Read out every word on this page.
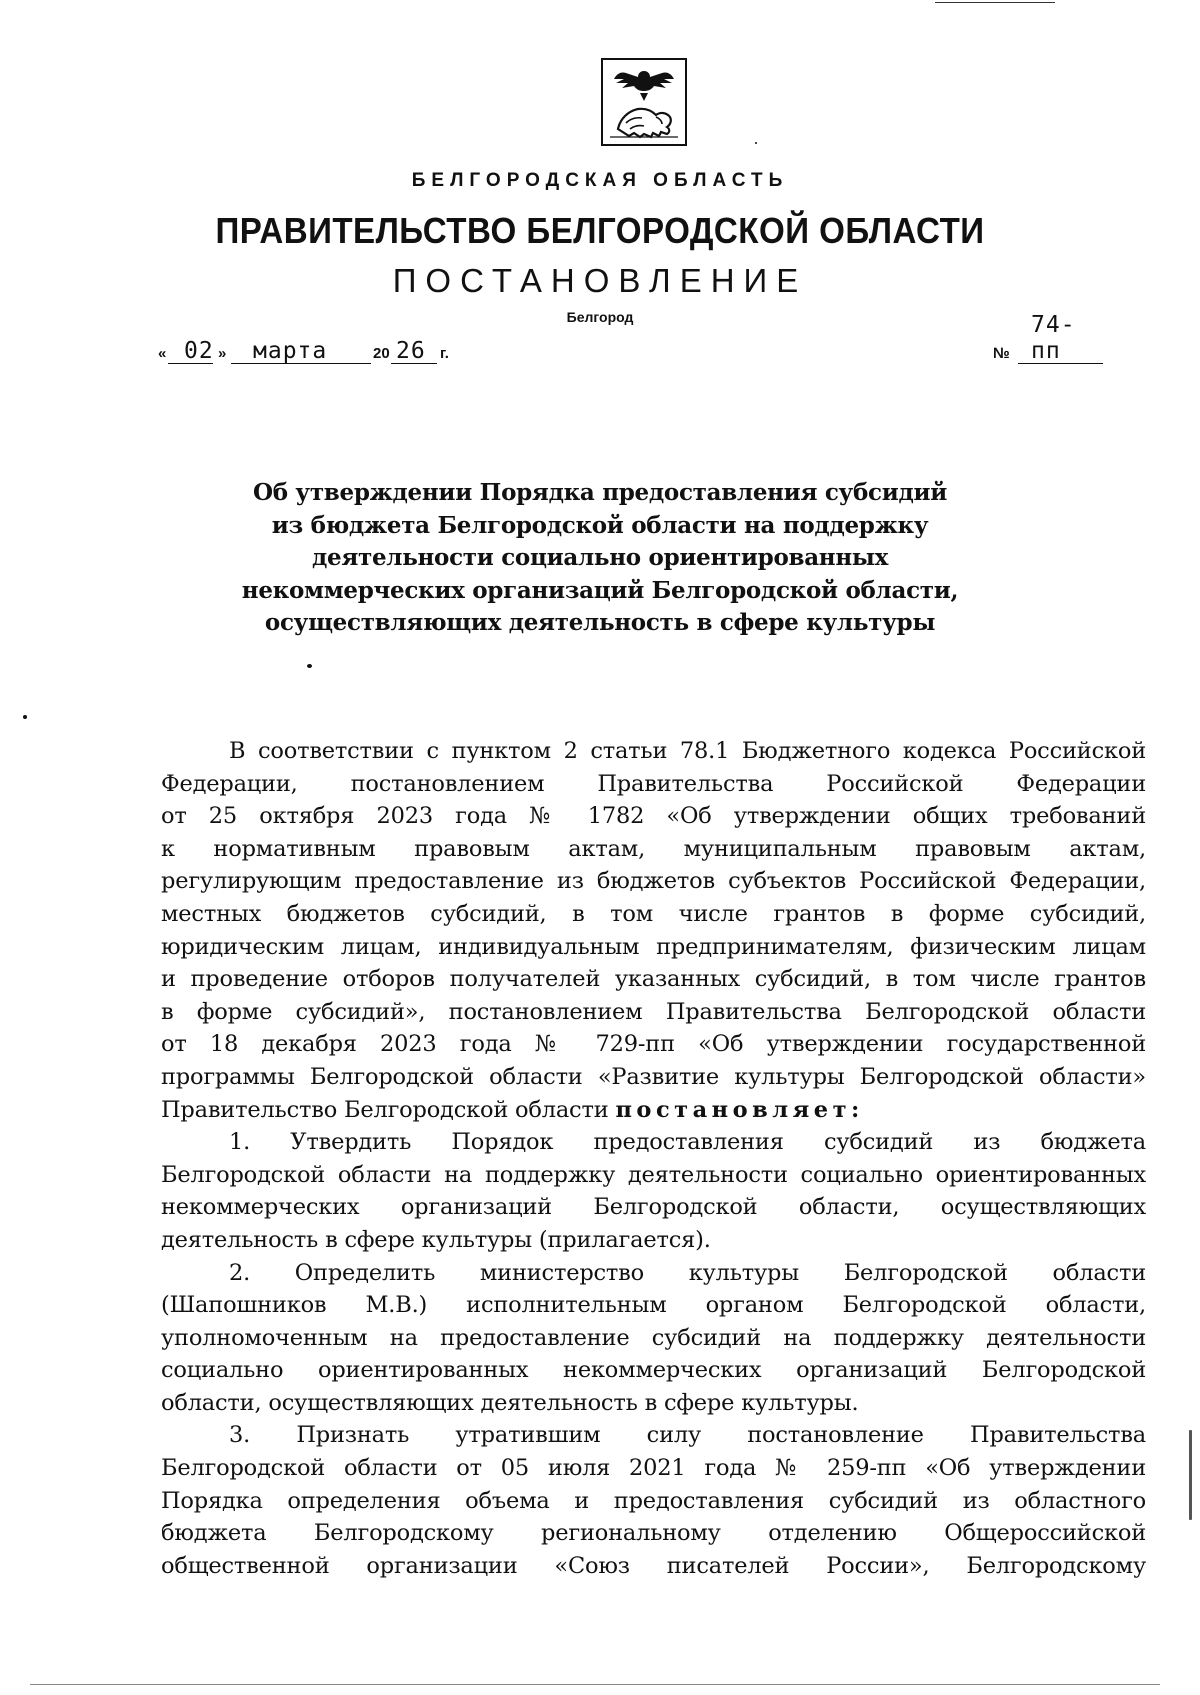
БЕЛГОРОДСКАЯ ОБЛАСТЬ
ПРАВИТЕЛЬСТВО БЕЛГОРОДСКОЙ ОБЛАСТИ
ПОСТАНОВЛЕНИЕ
Белгород
« 02 » марта	20 26 г.	№
74-пп
Об утверждении Порядка предоставления субсидий
из бюджета Белгородской области на поддержку
деятельности социально ориентированных
некоммерческих организаций Белгородской области,
осуществляющих деятельность в сфере культуры
В соответствии с пунктом 2 статьи 78.1 Бюджетного кодекса Российской
Федерации, постановлением Правительства Российской Федерации
от 25 октября 2023 года № 1782 «Об утверждении общих требований
к нормативным правовым актам, муниципальным правовым актам,
регулирующим предоставление из бюджетов субъектов Российской Федерации,
местных бюджетов субсидий, в том числе грантов в форме субсидий,
юридическим лицам, индивидуальным предпринимателям, физическим лицам
и проведение отборов получателей указанных субсидий, в том числе грантов
в форме субсидий», постановлением Правительства Белгородской области
от 18 декабря 2023 года № 729-пп «Об утверждении государственной
программы Белгородской области «Развитие культуры Белгородской области»
Правительство Белгородской области постановляет:
1. Утвердить Порядок предоставления субсидий из бюджета
Белгородской области на поддержку деятельности социально ориентированных
некоммерческих организаций Белгородской области, осуществляющих
деятельность в сфере культуры (прилагается).
2. Определить министерство культуры Белгородской области
(Шапошников М.В.) исполнительным органом Белгородской области,
уполномоченным на предоставление субсидий на поддержку деятельности
социально ориентированных некоммерческих организаций Белгородской
области, осуществляющих деятельность в сфере культуры.
3. Признать утратившим силу постановление Правительства
Белгородской области от 05 июля 2021 года № 259-пп «Об утверждении
Порядка определения объема и предоставления субсидий из областного
бюджета Белгородскому региональному отделению Общероссийской
общественной организации «Союз писателей России», Белгородскому
